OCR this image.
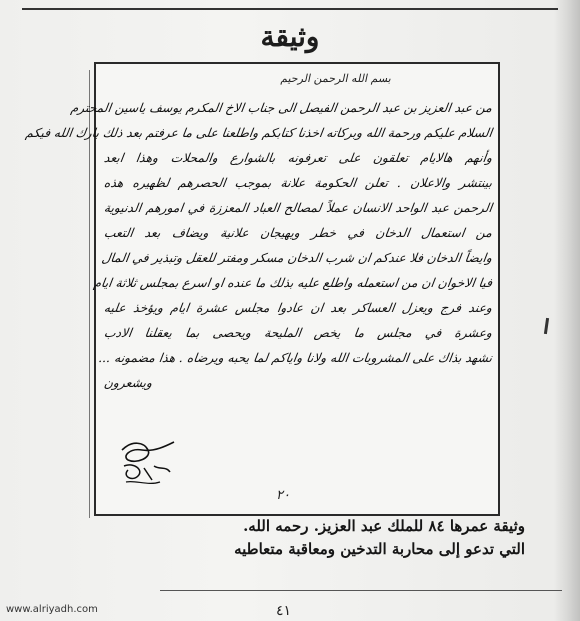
وثيقة
بسم الله الرحمن الرحيم
من عبد العزيز بن عبد الرحمن الفيصل الى جناب الاخ المكرم يوسف ياسين المحترم
السلام عليكم ورحمة الله وبركاته اخذنا كتابكم واطلعنا على ما عرفتم بعد ذلك بارك الله فيكم
وأنهم هالايام تعلقون على تعرفونه بالشوارع والمحلات وهذا ابعد
بينتشر والاعلان . تعلن الحكومة علانة بموجب الحصرهم لظهيره هذه
الرحمن عبد الواحد الانسان عملاً لمصالح العباد المعززة في امورهم الدنيوية
من استعمال الدخان في خطر ويهيجان علانية ويضاف بعد التعب
وايضاً الدخان فلا عندكم ان شرب الدخان مسكر ومفتر للعقل وتبذير في المال
فيا الاخوان ان من استعمله واطلع عليه بذلك ما عنده او اسرع بمجلس ثلاثة ايام
وعند فرج ويعزل العساكر بعد ان عادوا مجلس عشرة ايام ويؤخذ عليه
وعشرة في مجلس ما يخص المليحة ويحصى بما يعقلنا الادب
نشهد بذاك على المشروبات الله ولانا واياكم لما يحبه ويرضاه . هذا مضمونه ...
ويشعرون
٢٠
وثيقة عمرها ٨٤ للملك عبد العزيز. رحمه الله.
التي تدعو إلى محاربة التدخين ومعاقبة متعاطيه
www.alriyadh.com	٤١
